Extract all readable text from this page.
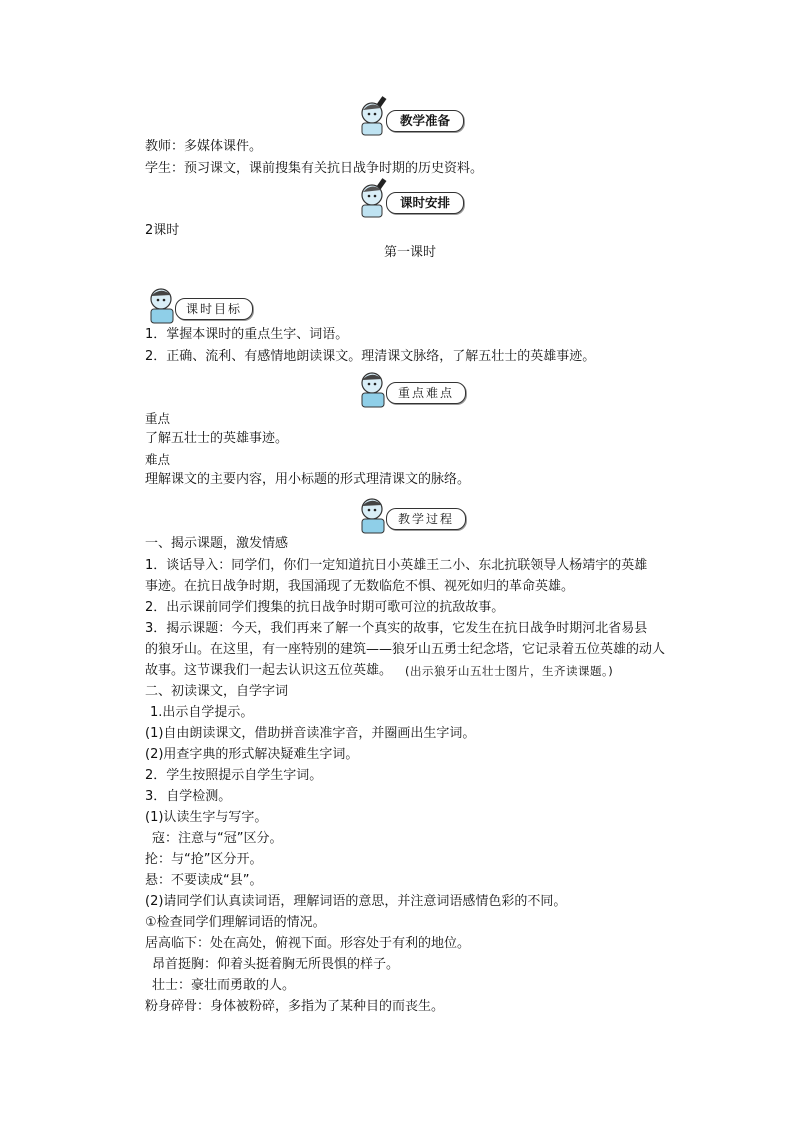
教学准备
教师：多媒体课件。
学生：预习课文，课前搜集有关抗日战争时期的历史资料。
课时安排
2课时
第一课时
课时目标
1．掌握本课时的重点生字、词语。
2．正确、流利、有感情地朗读课文。理清课文脉络，了解五壮士的英雄事迹。
重点难点
重点
了解五壮士的英雄事迹。
难点
理解课文的主要内容，用小标题的形式理清课文的脉络。
教学过程
一、揭示课题，激发情感
1．谈话导入：同学们，你们一定知道抗日小英雄王二小、东北抗联领导人杨靖宇的英雄
事迹。在抗日战争时期，我国涌现了无数临危不惧、视死如归的革命英雄。
2．出示课前同学们搜集的抗日战争时期可歌可泣的抗敌故事。
3．揭示课题：今天，我们再来了解一个真实的故事，它发生在抗日战争时期河北省易县
的狼牙山。在这里，有一座特别的建筑——狼牙山五勇士纪念塔，它记录着五位英雄的动人
故事。这节课我们一起去认识这五位英雄。 (出示狼牙山五壮士图片，生齐读课题。)
二、初读课文，自学字词
1.出示自学提示。
(1)自由朗读课文，借助拼音读准字音，并圈画出生字词。
(2)用查字典的形式解决疑难生字词。
2．学生按照提示自学生字词。
3．自学检测。
(1)认读生字与写字。
寇：注意与“冠”区分。
抡：与“抢”区分开。
悬：不要读成“县”。
(2)请同学们认真读词语，理解词语的意思，并注意词语感情色彩的不同。
①检查同学们理解词语的情况。
居高临下：处在高处，俯视下面。形容处于有利的地位。
昂首挺胸：仰着头挺着胸无所畏惧的样子。
壮士：豪壮而勇敢的人。
粉身碎骨：身体被粉碎，多指为了某种目的而丧生。
